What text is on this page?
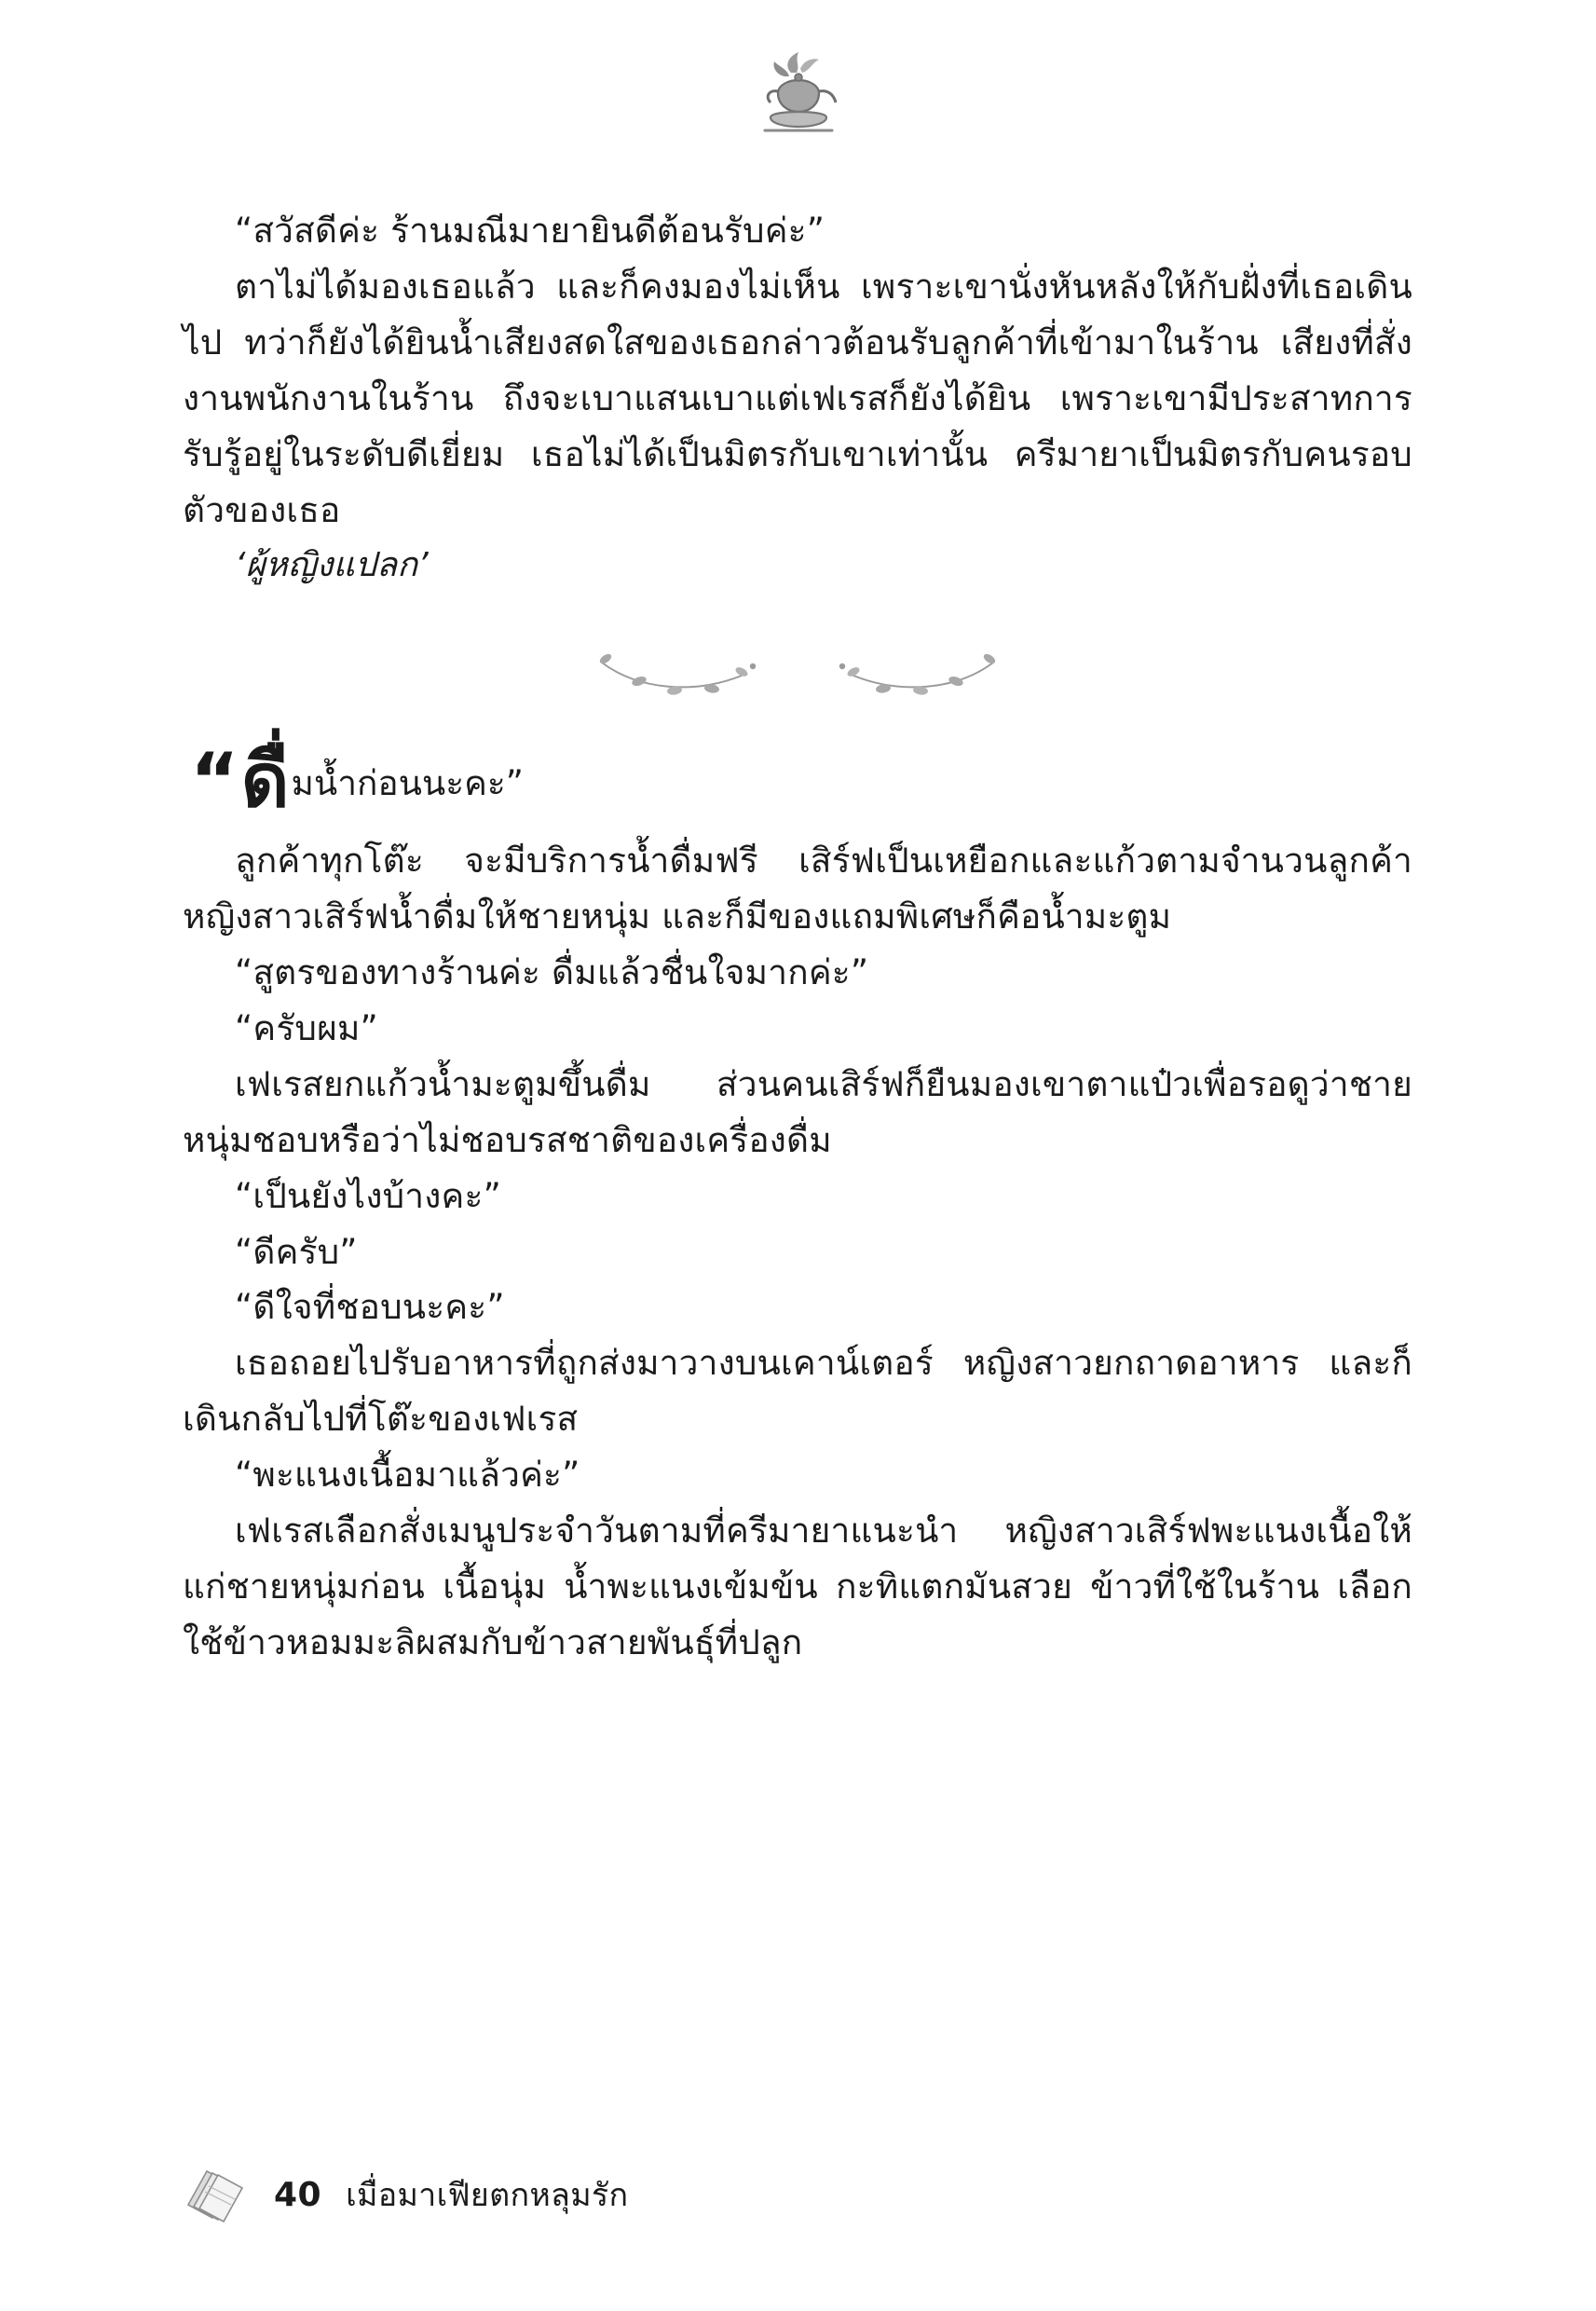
“สวัสดีค่ะ ร้านมณีมายายินดีต้อนรับค่ะ”

ตาไม่ได้มองเธอแล้ว และก็คงมองไม่เห็น เพราะเขานั่งหันหลังให้กับฝั่งที่เธอเดินไป ทว่าก็ยังได้ยินน้ำเสียงสดใสของเธอกล่าวต้อนรับลูกค้าที่เข้ามาในร้าน เสียงที่สั่งงานพนักงานในร้าน ถึงจะเบาแสนเบาแต่เฟเรสก็ยังได้ยิน เพราะเขามีประสาทการรับรู้อยู่ในระดับดีเยี่ยม เธอไม่ได้เป็นมิตรกับเขาเท่านั้น ครีมายาเป็นมิตรกับคนรอบตัวของเธอ

‘ผู้หญิงแปลก’

“ดื่มน้ำก่อนนะคะ”

ลูกค้าทุกโต๊ะ จะมีบริการน้ำดื่มฟรี เสิร์ฟเป็นเหยือกและแก้วตามจำนวนลูกค้า หญิงสาวเสิร์ฟน้ำดื่มให้ชายหนุ่ม และก็มีของแถมพิเศษก็คือน้ำมะตูม

“สูตรของทางร้านค่ะ ดื่มแล้วชื่นใจมากค่ะ”

“ครับผม”

เฟเรสยกแก้วน้ำมะตูมขึ้นดื่ม ส่วนคนเสิร์ฟก็ยืนมองเขาตาแป๋วเพื่อรอดูว่าชายหนุ่มชอบหรือว่าไม่ชอบรสชาติของเครื่องดื่ม

“เป็นยังไงบ้างคะ”

“ดีครับ”

“ดีใจที่ชอบนะคะ”

เธอถอยไปรับอาหารที่ถูกส่งมาวางบนเคาน์เตอร์ หญิงสาวยกถาดอาหาร และก็เดินกลับไปที่โต๊ะของเฟเรส

“พะแนงเนื้อมาแล้วค่ะ”

เฟเรสเลือกสั่งเมนูประจำวันตามที่ครีมายาแนะนำ หญิงสาวเสิร์ฟพะแนงเนื้อให้แก่ชายหนุ่มก่อน เนื้อนุ่ม น้ำพะแนงเข้มข้น กะทิแตกมันสวย ข้าวที่ใช้ในร้าน เลือกใช้ข้าวหอมมะลิผสมกับข้าวสายพันธุ์ที่ปลูก

40 เมื่อมาเฟียตกหลุมรัก
